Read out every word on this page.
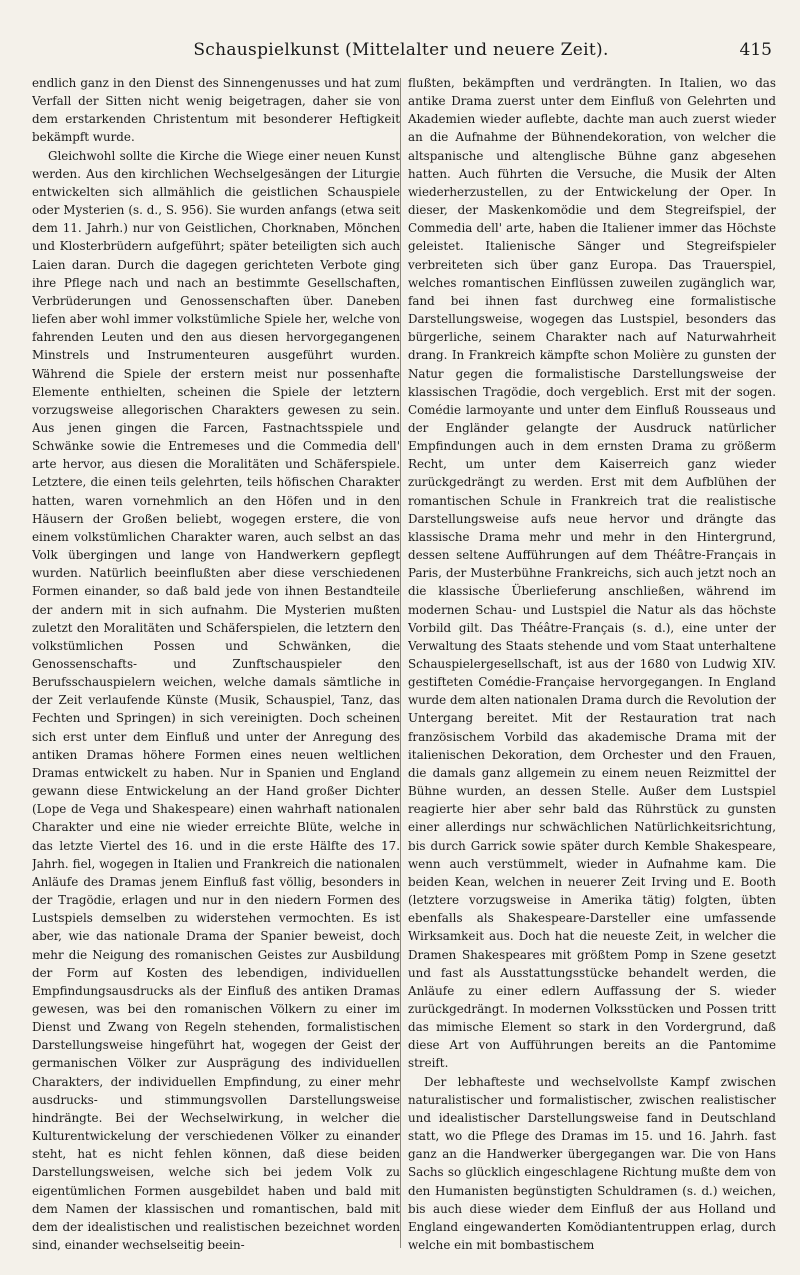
Schauspielkunst (Mittelalter und neuere Zeit).	415

endlich ganz in den Dienst des Sinnengenusses und hat zum Verfall der Sitten nicht wenig beigetragen, daher sie von dem erstarkenden Christentum mit besonderer Heftigkeit bekämpft wurde.

Gleichwohl sollte die Kirche die Wiege einer neuen Kunst werden. Aus den kirchlichen Wechselgesängen der Liturgie entwickelten sich allmählich die geistlichen Schauspiele oder Mysterien (s. d., S. 956). Sie wurden anfangs (etwa seit dem 11. Jahrh.) nur von Geistlichen, Chorknaben, Mönchen und Klosterbrüdern aufgeführt; später beteiligten sich auch Laien daran. Durch die dagegen gerichteten Verbote ging ihre Pflege nach und nach an bestimmte Gesellschaften, Verbrüderungen und Genossenschaften über. Daneben liefen aber wohl immer volkstümliche Spiele her, welche von fahrenden Leuten und den aus diesen hervorgegangenen Minstrels und Instrumenteuren ausgeführt wurden. Während die Spiele der erstern meist nur possenhafte Elemente enthielten, scheinen die Spiele der letztern vorzugsweise allegorischen Charakters gewesen zu sein. Aus jenen gingen die Farcen, Fastnachtsspiele und Schwänke sowie die Entremeses und die Commedia dell' arte hervor, aus diesen die Moralitäten und Schäferspiele. Letztere, die einen teils gelehrten, teils höfischen Charakter hatten, waren vornehmlich an den Höfen und in den Häusern der Großen beliebt, wogegen erstere, die von einem volkstümlichen Charakter waren, auch selbst an das Volk übergingen und lange von Handwerkern gepflegt wurden. Natürlich beeinflußten aber diese verschiedenen Formen einander, so daß bald jede von ihnen Bestandteile der andern mit in sich aufnahm. Die Mysterien mußten zuletzt den Moralitäten und Schäferspielen, die letztern den volkstümlichen Possen und Schwänken, die Genossenschafts- und Zunftschauspieler den Berufsschauspielern weichen, welche damals sämtliche in der Zeit verlaufende Künste (Musik, Schauspiel, Tanz, das Fechten und Springen) in sich vereinigten. Doch scheinen sich erst unter dem Einfluß und unter der Anregung des antiken Dramas höhere Formen eines neuen weltlichen Dramas entwickelt zu haben. Nur in Spanien und England gewann diese Entwickelung an der Hand großer Dichter (Lope de Vega und Shakespeare) einen wahrhaft nationalen Charakter und eine nie wieder erreichte Blüte, welche in das letzte Viertel des 16. und in die erste Hälfte des 17. Jahrh. fiel, wogegen in Italien und Frankreich die nationalen Anläufe des Dramas jenem Einfluß fast völlig, besonders in der Tragödie, erlagen und nur in den niedern Formen des Lustspiels demselben zu widerstehen vermochten. Es ist aber, wie das nationale Drama der Spanier beweist, doch mehr die Neigung des romanischen Geistes zur Ausbildung der Form auf Kosten des lebendigen, individuellen Empfindungsausdrucks als der Einfluß des antiken Dramas gewesen, was bei den romanischen Völkern zu einer im Dienst und Zwang von Regeln stehenden, formalistischen Darstellungsweise hingeführt hat, wogegen der Geist der germanischen Völker zur Ausprägung des individuellen Charakters, der individuellen Empfindung, zu einer mehr ausdrucks- und stimmungsvollen Darstellungsweise hindrängte. Bei der Wechselwirkung, in welcher die Kulturentwickelung der verschiedenen Völker zu einander steht, hat es nicht fehlen können, daß diese beiden Darstellungsweisen, welche sich bei jedem Volk zu eigentümlichen Formen ausgebildet haben und bald mit dem Namen der klassischen und romantischen, bald mit dem der idealistischen und realistischen bezeichnet worden sind, einander wechselseitig beein-

flußten, bekämpften und verdrängten. In Italien, wo das antike Drama zuerst unter dem Einfluß von Gelehrten und Akademien wieder auflebte, dachte man auch zuerst wieder an die Aufnahme der Bühnendekoration, von welcher die altspanische und altenglische Bühne ganz abgesehen hatten. Auch führten die Versuche, die Musik der Alten wiederherzustellen, zu der Entwickelung der Oper. In dieser, der Maskenkomödie und dem Stegreifspiel, der Commedia dell' arte, haben die Italiener immer das Höchste geleistet. Italienische Sänger und Stegreifspieler verbreiteten sich über ganz Europa. Das Trauerspiel, welches romantischen Einflüssen zuweilen zugänglich war, fand bei ihnen fast durchweg eine formalistische Darstellungsweise, wogegen das Lustspiel, besonders das bürgerliche, seinem Charakter nach auf Naturwahrheit drang. In Frankreich kämpfte schon Molière zu gunsten der Natur gegen die formalistische Darstellungsweise der klassischen Tragödie, doch vergeblich. Erst mit der sogen. Comédie larmoyante und unter dem Einfluß Rousseaus und der Engländer gelangte der Ausdruck natürlicher Empfindungen auch in dem ernsten Drama zu größerm Recht, um unter dem Kaiserreich ganz wieder zurückgedrängt zu werden. Erst mit dem Aufblühen der romantischen Schule in Frankreich trat die realistische Darstellungsweise aufs neue hervor und drängte das klassische Drama mehr und mehr in den Hintergrund, dessen seltene Aufführungen auf dem Théâtre-Français in Paris, der Musterbühne Frankreichs, sich auch jetzt noch an die klassische Überlieferung anschließen, während im modernen Schau- und Lustspiel die Natur als das höchste Vorbild gilt. Das Théâtre-Français (s. d.), eine unter der Verwaltung des Staats stehende und vom Staat unterhaltene Schauspielergesellschaft, ist aus der 1680 von Ludwig XIV. gestifteten Comédie-Française hervorgegangen. In England wurde dem alten nationalen Drama durch die Revolution der Untergang bereitet. Mit der Restauration trat nach französischem Vorbild das akademische Drama mit der italienischen Dekoration, dem Orchester und den Frauen, die damals ganz allgemein zu einem neuen Reizmittel der Bühne wurden, an dessen Stelle. Außer dem Lustspiel reagierte hier aber sehr bald das Rührstück zu gunsten einer allerdings nur schwächlichen Natürlichkeitsrichtung, bis durch Garrick sowie später durch Kemble Shakespeare, wenn auch verstümmelt, wieder in Aufnahme kam. Die beiden Kean, welchen in neuerer Zeit Irving und E. Booth (letztere vorzugsweise in Amerika tätig) folgten, übten ebenfalls als Shakespeare-Darsteller eine umfassende Wirksamkeit aus. Doch hat die neueste Zeit, in welcher die Dramen Shakespeares mit größtem Pomp in Szene gesetzt und fast als Ausstattungsstücke behandelt werden, die Anläufe zu einer edlern Auffassung der S. wieder zurückgedrängt. In modernen Volksstücken und Possen tritt das mimische Element so stark in den Vordergrund, daß diese Art von Aufführungen bereits an die Pantomime streift.

Der lebhafteste und wechselvollste Kampf zwischen naturalistischer und formalistischer, zwischen realistischer und idealistischer Darstellungsweise fand in Deutschland statt, wo die Pflege des Dramas im 15. und 16. Jahrh. fast ganz an die Handwerker übergegangen war. Die von Hans Sachs so glücklich eingeschlagene Richtung mußte dem von den Humanisten begünstigten Schuldramen (s. d.) weichen, bis auch diese wieder dem Einfluß der aus Holland und England eingewanderten Komödiantentruppen erlag, durch welche ein mit bombastischem
